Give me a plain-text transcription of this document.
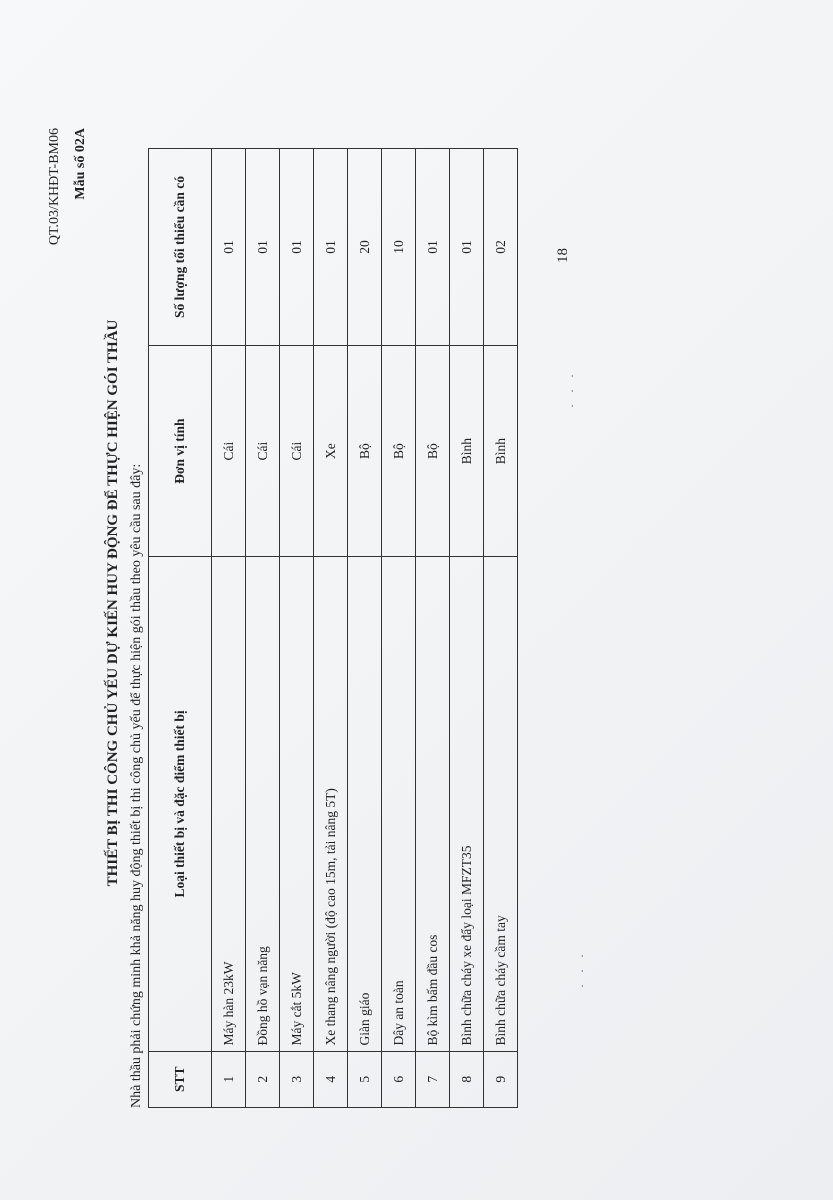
QT.03/KHĐT-BM06 Mẫu số 02A
THIẾT BỊ THI CÔNG CHỦ YẾU DỰ KIẾN HUY ĐỘNG ĐỂ THỰC HIỆN GÓI THẦU Nhà thầu phải chứng minh khả năng huy động thiết bị thi công chủ yếu để thực hiện gói thầu theo yêu cầu sau đây: STT	Loại thiết bị và đặc điểm thiết bị	Đơn vị tính	Số lượng tối thiểu cần có
1	Máy hàn 23kW	Cái	01
2	Đồng hồ vạn năng	Cái	01
3	Máy cắt 5kW	Cái	01
4	Xe thang nâng người (độ cao 15m, tải nâng 5T)	Xe	01
5	Giàn giáo	Bộ	20
6	Dây an toàn	Bộ	10
7	Bộ kìm bấm đầu cos	Bộ	01
8	Bình chữa cháy xe đẩy loại MFZT35	Bình	01
9	Bình chữa cháy cầm tay	Bình	02
18
· · ·
· · ·
